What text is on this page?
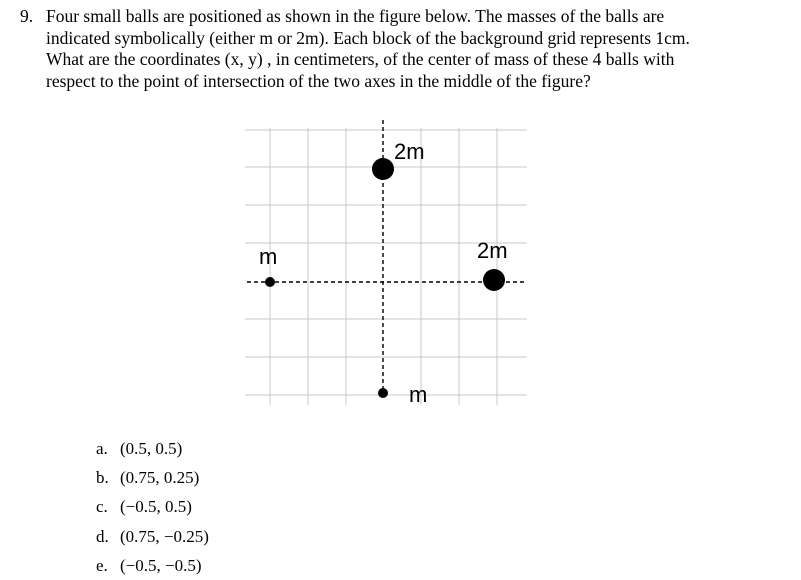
9. Four small balls are positioned as shown in the figure below. The masses of the balls are
indicated symbolically (either m or 2m). Each block of the background grid represents 1cm.
What are the coordinates (x, y) , in centimeters, of the center of mass of these 4 balls with
respect to the point of intersection of the two axes in the middle of the figure?
2m
m	2m
m
a. (0.5, 0.5)
b. (0.75, 0.25)
c. (−0.5, 0.5)
d. (0.75, −0.25)
e. (−0.5, −0.5)
